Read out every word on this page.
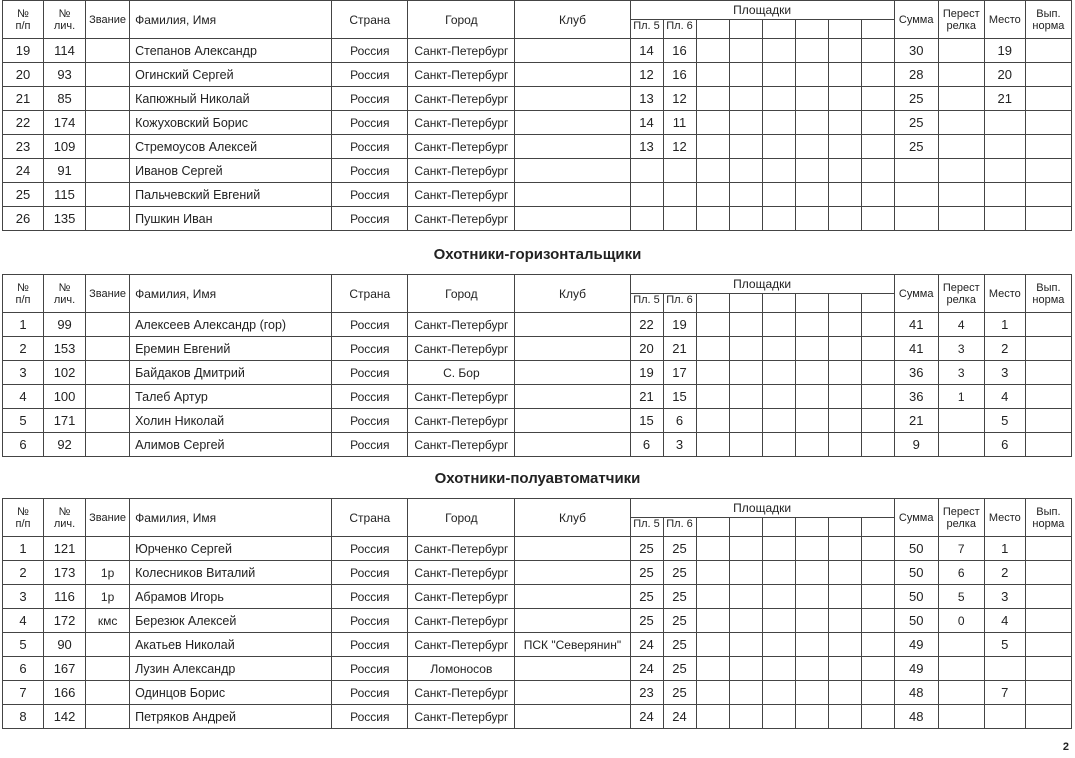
Охотники-горизонтальщики
Охотники-полуавтоматчики
№
п/п	№
лич.	Звание	Фамилия, Имя	Страна	Город	Клуб	Площадки								Сумма	Перест
релка	Место	Вып.
норма

							Пл. 5	Пл. 6										
19	114		Степанов Александр	Россия	Санкт-Петербург		14	16							30		19	
20	93		Огинский Сергей	Россия	Санкт-Петербург		12	16							28		20	
21	85		Капюжный Николай	Россия	Санкт-Петербург		13	12							25		21	
22	174		Кожуховский Борис	Россия	Санкт-Петербург		14	11							25			
23	109		Стремоусов Алексей	Россия	Санкт-Петербург		13	12							25			
24	91		Иванов Сергей	Россия	Санкт-Петербург													
25	115		Пальчевский Евгений	Россия	Санкт-Петербург													
26	135		Пушкин Иван	Россия	Санкт-Петербург													
№
п/п	№
лич.	Звание	Фамилия, Имя	Страна	Город	Клуб	Площадки								Сумма	Перест
релка	Место	Вып.
норма

							Пл. 5	Пл. 6										
1	99		Алексеев Александр (гор)	Россия	Санкт-Петербург		22	19							41	4	1	
2	153		Еремин Евгений	Россия	Санкт-Петербург		20	21							41	3	2	
3	102		Байдаков Дмитрий	Россия	С. Бор		19	17							36	3	3	
4	100		Талеб Артур	Россия	Санкт-Петербург		21	15							36	1	4	
5	171		Холин Николай	Россия	Санкт-Петербург		15	6							21		5	
6	92		Алимов Сергей	Россия	Санкт-Петербург		6	3							9		6	
№
п/п	№
лич.	Звание	Фамилия, Имя	Страна	Город	Клуб	Площадки								Сумма	Перест
релка	Место	Вып.
норма

							Пл. 5	Пл. 6										
1	121		Юрченко Сергей	Россия	Санкт-Петербург		25	25							50	7	1	
2	173	1р	Колесников Виталий	Россия	Санкт-Петербург		25	25							50	6	2	
3	116	1р	Абрамов Игорь	Россия	Санкт-Петербург		25	25							50	5	3	
4	172	кмс	Березюк Алексей	Россия	Санкт-Петербург		25	25							50	0	4	
5	90		Акатьев Николай	Россия	Санкт-Петербург	ПСК "Северянин"	24	25							49		5	
6	167		Лузин Александр	Россия	Ломоносов		24	25							49			
7	166		Одинцов Борис	Россия	Санкт-Петербург		23	25							48		7	
8	142		Петряков Андрей	Россия	Санкт-Петербург		24	24							48			
2
